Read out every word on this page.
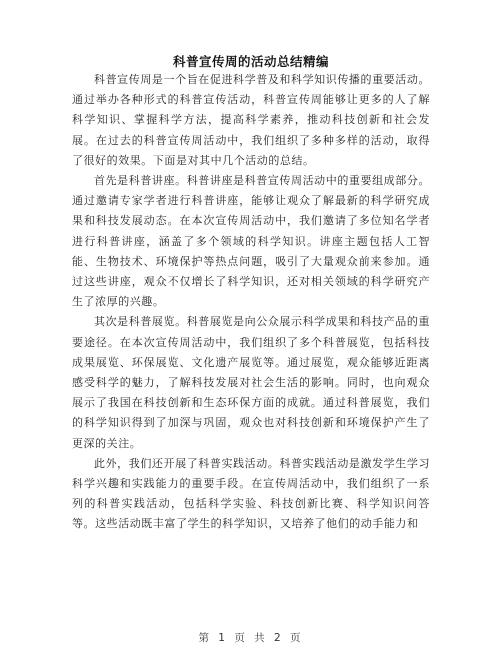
科普宣传周的活动总结精编

科普宣传周是一个旨在促进科学普及和科学知识传播的重要活动。通过举办各种形式的科普宣传活动，科普宣传周能够让更多的人了解科学知识、掌握科学方法，提高科学素养，推动科技创新和社会发展。在过去的科普宣传周活动中，我们组织了多种多样的活动，取得了很好的效果。下面是对其中几个活动的总结。

首先是科普讲座。科普讲座是科普宣传周活动中的重要组成部分。通过邀请专家学者进行科普讲座，能够让观众了解最新的科学研究成果和科技发展动态。在本次宣传周活动中，我们邀请了多位知名学者进行科普讲座，涵盖了多个领域的科学知识。讲座主题包括人工智能、生物技术、环境保护等热点问题，吸引了大量观众前来参加。通过这些讲座，观众不仅增长了科学知识，还对相关领域的科学研究产生了浓厚的兴趣。

其次是科普展览。科普展览是向公众展示科学成果和科技产品的重要途径。在本次宣传周活动中，我们组织了多个科普展览，包括科技成果展览、环保展览、文化遗产展览等。通过展览，观众能够近距离感受科学的魅力，了解科技发展对社会生活的影响。同时，也向观众展示了我国在科技创新和生态环保方面的成就。通过科普展览，我们的科学知识得到了加深与巩固，观众也对科技创新和环境保护产生了更深的关注。

此外，我们还开展了科普实践活动。科普实践活动是激发学生学习科学兴趣和实践能力的重要手段。在宣传周活动中，我们组织了一系列的科普实践活动，包括科学实验、科技创新比赛、科学知识问答等。这些活动既丰富了学生的科学知识，又培养了他们的动手能力和

第 1 页 共 2 页
